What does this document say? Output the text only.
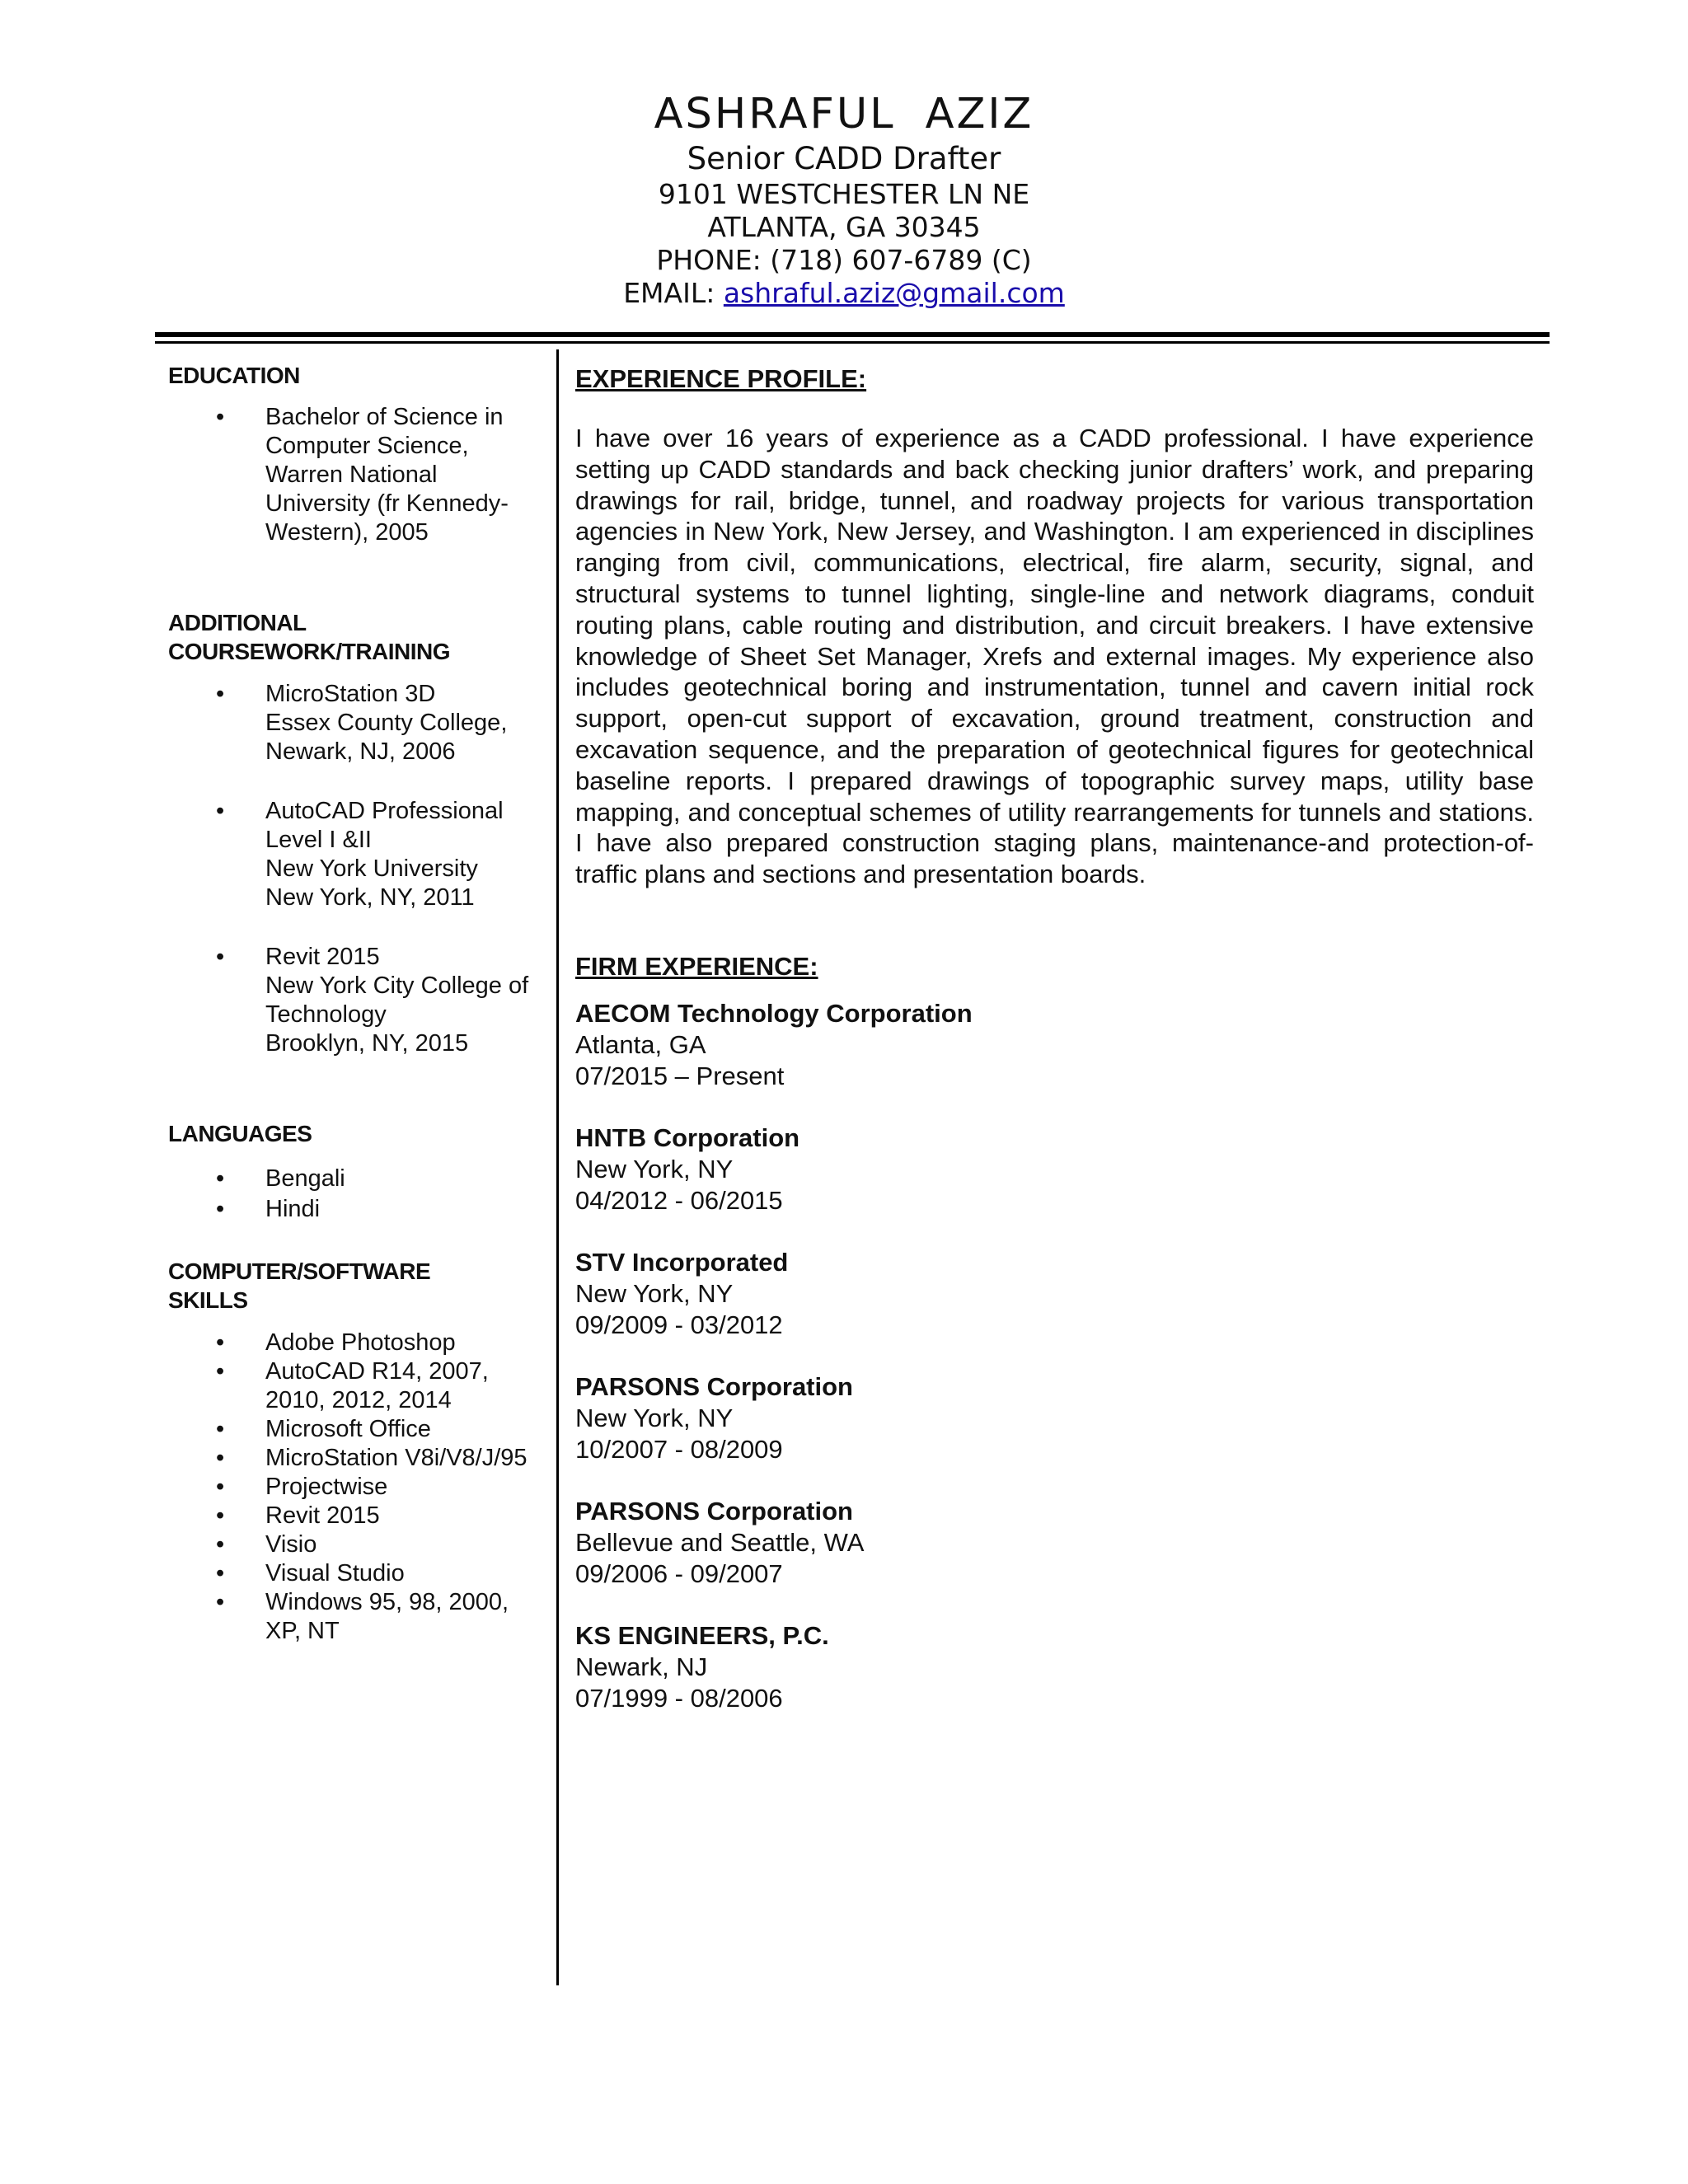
ASHRAFUL AZIZ

Senior CADD Drafter

9101 WESTCHESTER LN NE

ATLANTA, GA 30345

PHONE: (718) 607-6789 (C)

EMAIL: ashraful.aziz@gmail.com

EDUCATION

• Bachelor of Science in
Computer Science,
Warren National
University (fr Kennedy-
Western), 2005

ADDITIONAL
COURSEWORK/TRAINING

• MicroStation 3D
Essex County College,
Newark, NJ, 2006
• AutoCAD Professional
Level I &II
New York University
New York, NY, 2011
• Revit 2015
New York City College of
Technology
Brooklyn, NY, 2015

LANGUAGES

• Bengali
• Hindi

COMPUTER/SOFTWARE
SKILLS

• Adobe Photoshop
• AutoCAD R14, 2007,
2010, 2012, 2014
• Microsoft Office
• MicroStation V8i/V8/J/95
• Projectwise
• Revit 2015
• Visio
• Visual Studio
• Windows 95, 98, 2000,
XP, NT

EXPERIENCE PROFILE:

I have over 16 years of experience as a CADD professional. I have experience setting up CADD standards and back checking junior drafters’ work, and preparing drawings for rail, bridge, tunnel, and roadway projects for various transportation agencies in New York, New Jersey, and Washington. I am experienced in disciplines ranging from civil, communications, electrical, fire alarm, security, signal, and structural systems to tunnel lighting, single-line and network diagrams, conduit routing plans, cable routing and distribution, and circuit breakers. I have extensive knowledge of Sheet Set Manager, Xrefs and external images. My experience also includes geotechnical boring and instrumentation, tunnel and cavern initial rock support, open-cut support of excavation, ground treatment, construction and excavation sequence, and the preparation of geotechnical figures for geotechnical baseline reports. I prepared drawings of topographic survey maps, utility base mapping, and conceptual schemes of utility rearrangements for tunnels and stations. I have also prepared construction staging plans, maintenance-and protection-of-traffic plans and sections and presentation boards.

FIRM EXPERIENCE:

AECOM Technology Corporation
Atlanta, GA
07/2015 – Present
HNTB Corporation
New York, NY
04/2012 - 06/2015
STV Incorporated
New York, NY
09/2009 - 03/2012
PARSONS Corporation
New York, NY
10/2007 - 08/2009
PARSONS Corporation
Bellevue and Seattle, WA
09/2006 - 09/2007
KS ENGINEERS, P.C.
Newark, NJ
07/1999 - 08/2006
